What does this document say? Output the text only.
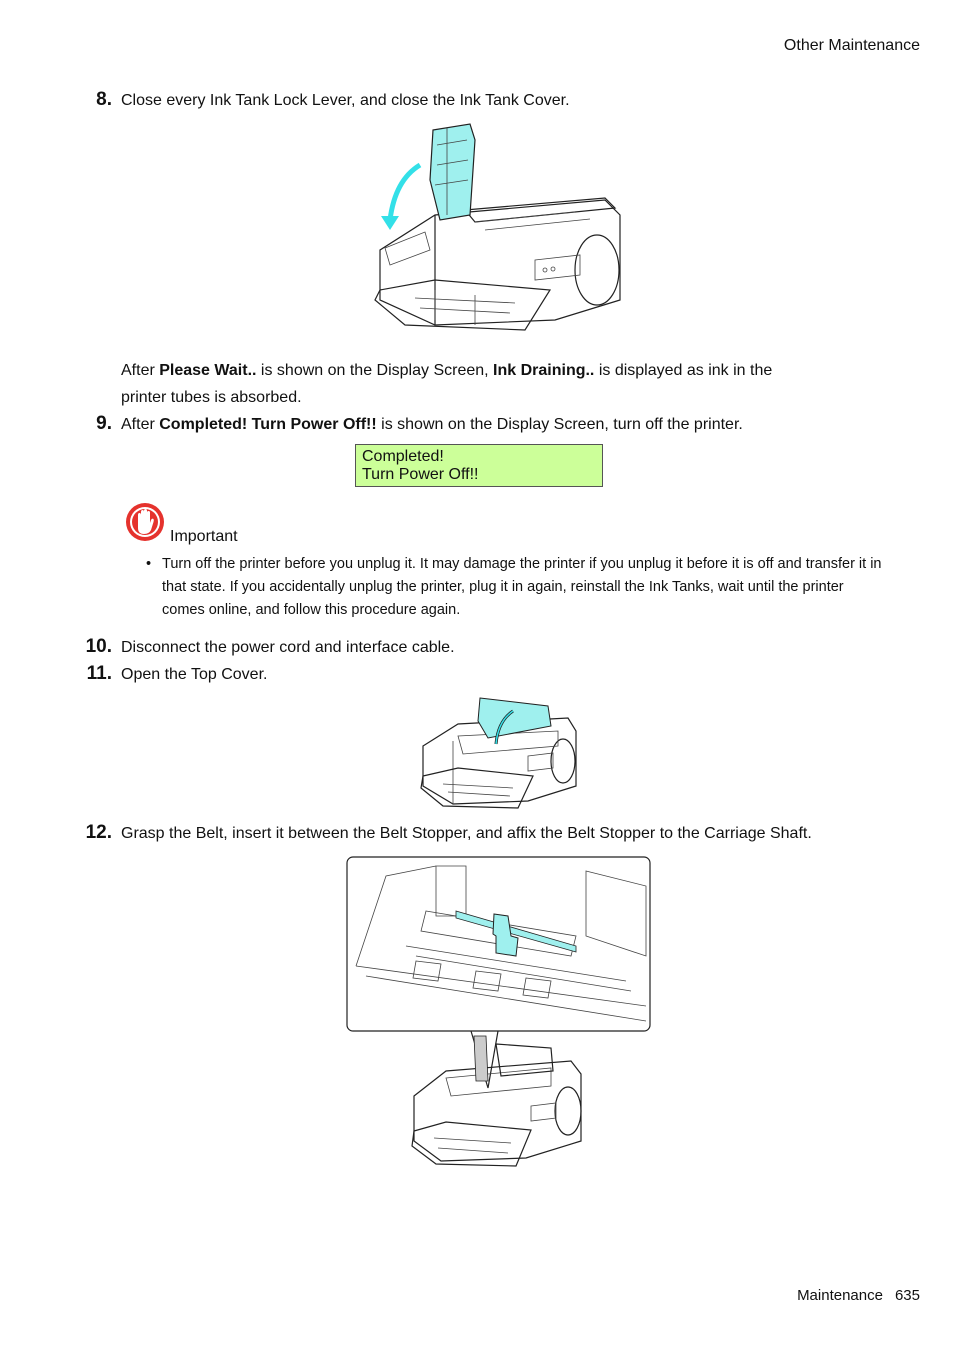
Other Maintenance
8. Close every Ink Tank Lock Lever, and close the Ink Tank Cover.
After Please Wait.. is shown on the Display Screen, Ink Draining.. is displayed as ink in the
printer tubes is absorbed.
9. After Completed! Turn Power Off!! is shown on the Display Screen, turn off the printer.
Completed!
Turn Power Off!!
Important
• Turn off the printer before you unplug it. It may damage the printer if you unplug it before it is off and transfer it in that state. If you accidentally unplug the printer, plug it in again, reinstall the Ink Tanks, wait until the printer comes online, and follow this procedure again.
10. Disconnect the power cord and interface cable.
11. Open the Top Cover.
12. Grasp the Belt, insert it between the Belt Stopper, and affix the Belt Stopper to the Carriage Shaft.
Maintenance 635
